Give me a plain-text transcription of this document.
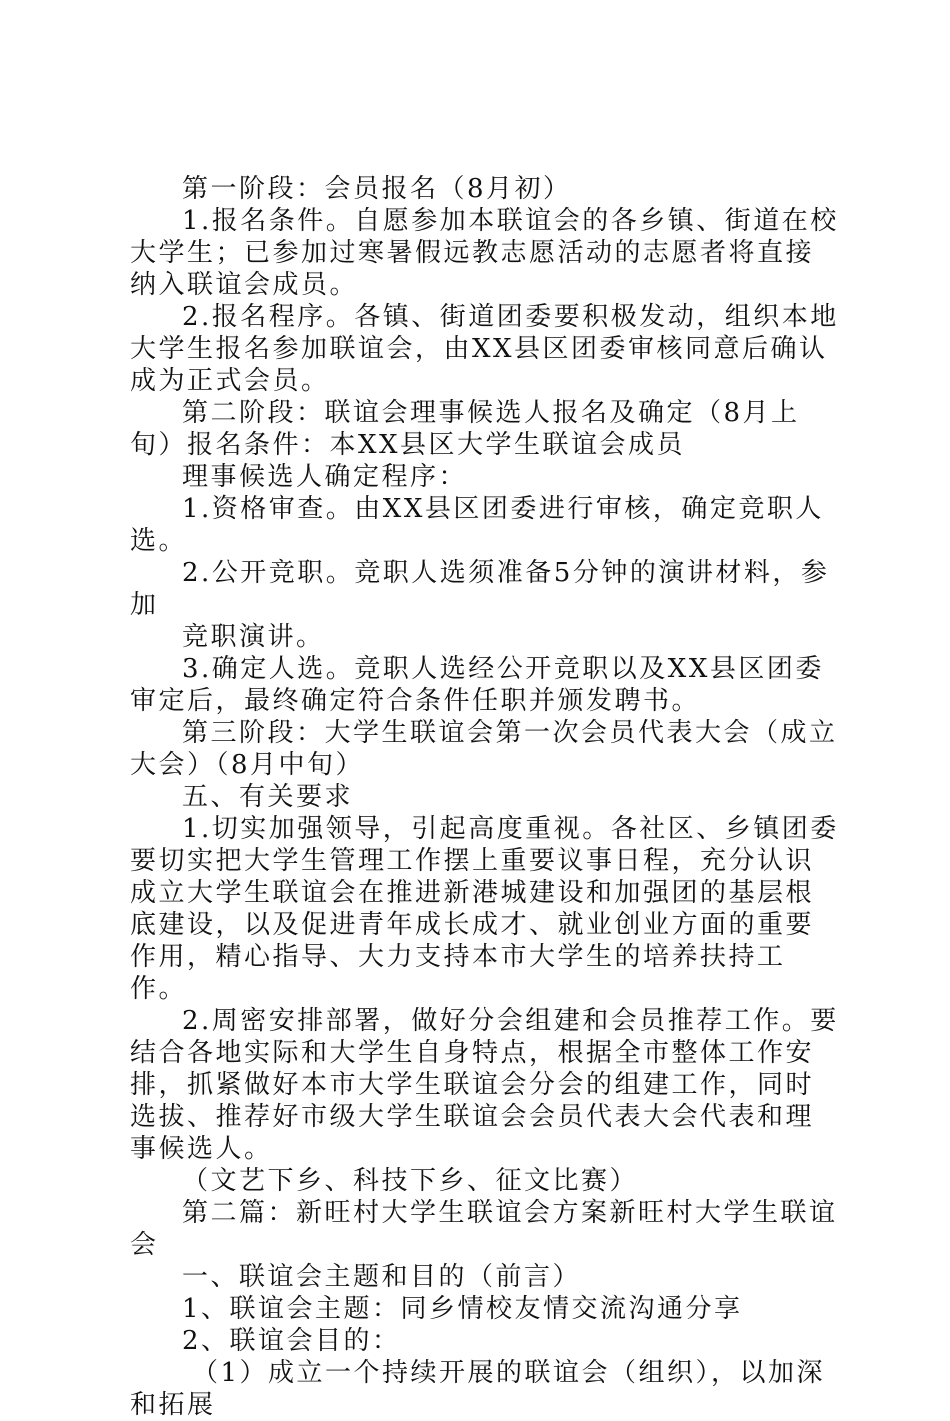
第一阶段：会员报名（8月初）

1.报名条件。自愿参加本联谊会的各乡镇、街道在校大学生；已参加过寒暑假远教志愿活动的志愿者将直接纳入联谊会成员。

2.报名程序。各镇、街道团委要积极发动，组织本地大学生报名参加联谊会，由XX县区团委审核同意后确认成为正式会员。

第二阶段：联谊会理事候选人报名及确定（8月上旬）报名条件：本XX县区大学生联谊会成员

理事候选人确定程序：

1.资格审查。由XX县区团委进行审核，确定竞职人选。

2.公开竞职。竞职人选须准备5分钟的演讲材料，参加

竞职演讲。

3.确定人选。竞职人选经公开竞职以及XX县区团委审定后，最终确定符合条件任职并颁发聘书。

第三阶段：大学生联谊会第一次会员代表大会（成立大会）（8月中旬）

五、有关要求

1.切实加强领导，引起高度重视。各社区、乡镇团委要切实把大学生管理工作摆上重要议事日程，充分认识成立大学生联谊会在推进新港城建设和加强团的基层根底建设，以及促进青年成长成才、就业创业方面的重要作用，精心指导、大力支持本市大学生的培养扶持工作。

2.周密安排部署，做好分会组建和会员推荐工作。要结合各地实际和大学生自身特点，根据全市整体工作安排，抓紧做好本市大学生联谊会分会的组建工作，同时选拔、推荐好市级大学生联谊会会员代表大会代表和理事候选人。

（文艺下乡、科技下乡、征文比赛）

第二篇：新旺村大学生联谊会方案新旺村大学生联谊会

一、联谊会主题和目的（前言）

1、联谊会主题：同乡情校友情交流沟通分享

2、联谊会目的：

（1）成立一个持续开展的联谊会（组织），以加深和拓展
